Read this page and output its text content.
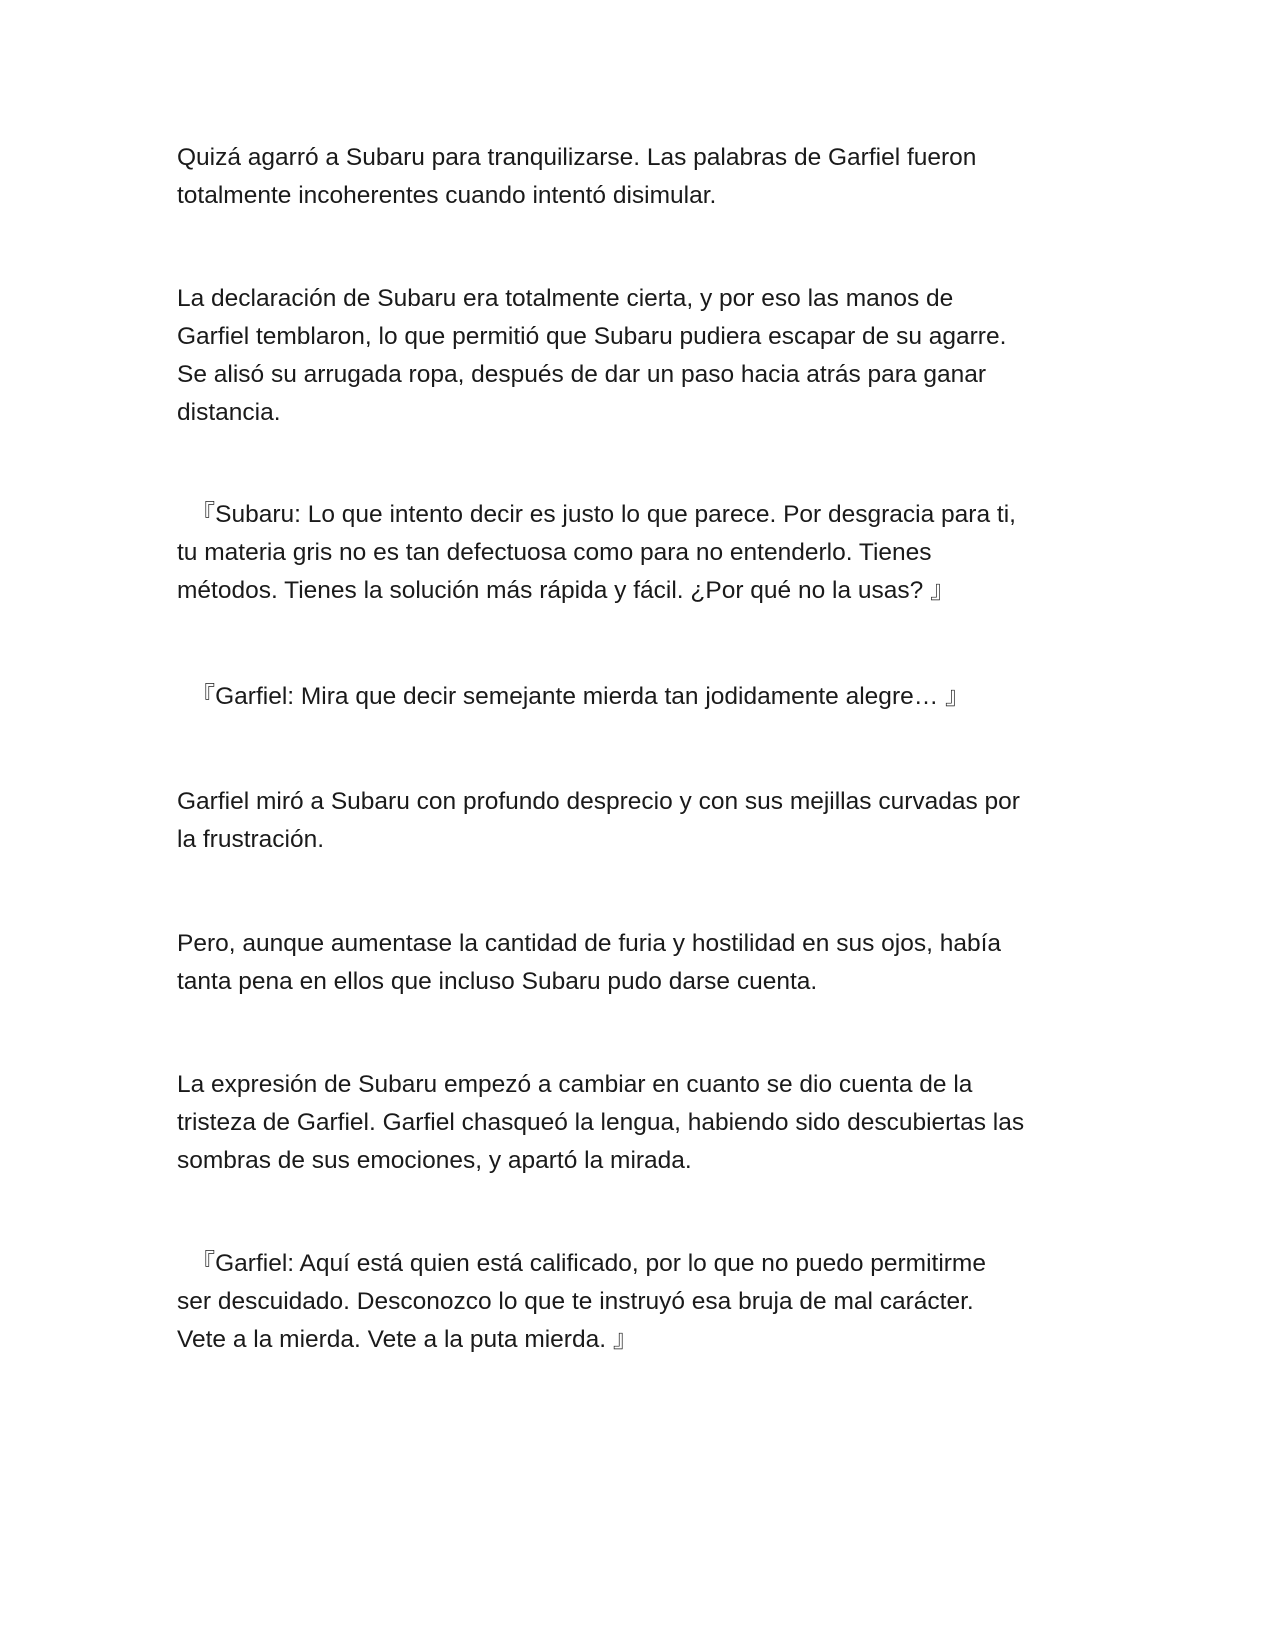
Quizá agarró a Subaru para tranquilizarse. Las palabras de Garfiel fueron
totalmente incoherentes cuando intentó disimular.

La declaración de Subaru era totalmente cierta, y por eso las manos de
Garfiel temblaron, lo que permitió que Subaru pudiera escapar de su agarre.
Se alisó su arrugada ropa, después de dar un paso hacia atrás para ganar
distancia.

『Subaru: Lo que intento decir es justo lo que parece. Por desgracia para ti,
tu materia gris no es tan defectuosa como para no entenderlo. Tienes
métodos. Tienes la solución más rápida y fácil. ¿Por qué no la usas? 』

『Garfiel: Mira que decir semejante mierda tan jodidamente alegre… 』

Garfiel miró a Subaru con profundo desprecio y con sus mejillas curvadas por
la frustración.

Pero, aunque aumentase la cantidad de furia y hostilidad en sus ojos, había
tanta pena en ellos que incluso Subaru pudo darse cuenta.

La expresión de Subaru empezó a cambiar en cuanto se dio cuenta de la
tristeza de Garfiel. Garfiel chasqueó la lengua, habiendo sido descubiertas las
sombras de sus emociones, y apartó la mirada.

『Garfiel: Aquí está quien está calificado, por lo que no puedo permitirme
ser descuidado. Desconozco lo que te instruyó esa bruja de mal carácter.
Vete a la mierda. Vete a la puta mierda. 』
